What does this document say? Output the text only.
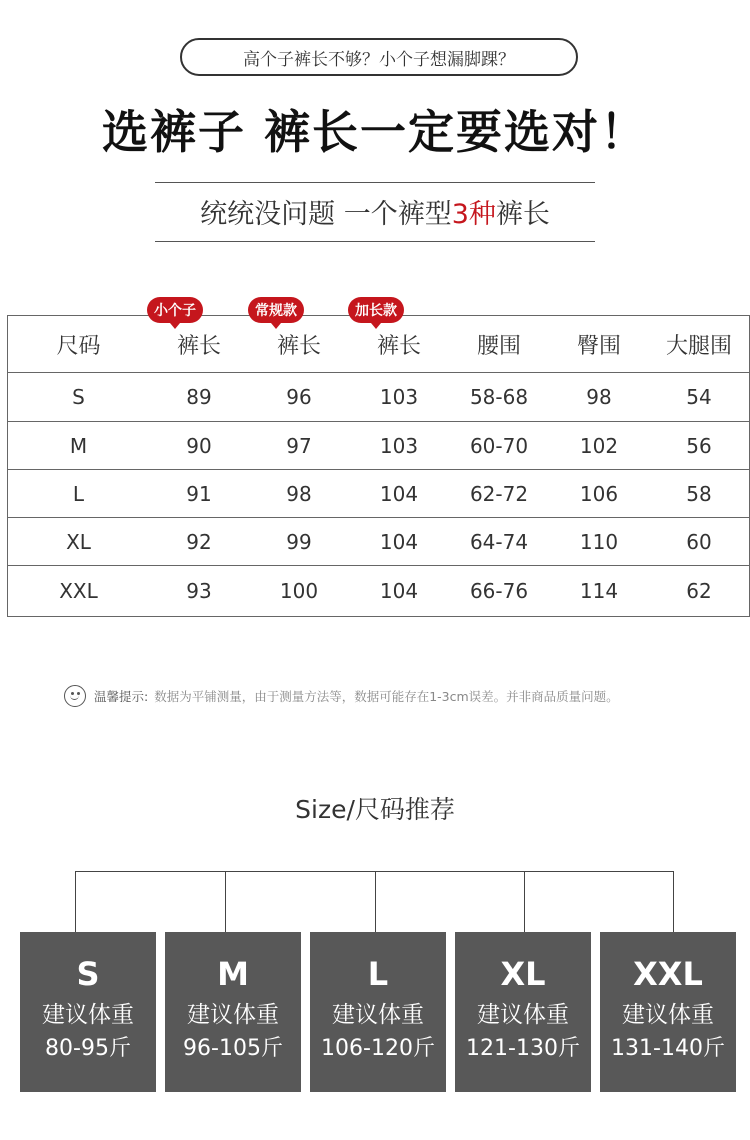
高个子裤长不够？小个子想漏脚踝？
选裤子 裤长一定要选对！
统统没问题 一个裤型3种裤长
尺码	裤长	裤长	裤长	腰围	臀围	大腿围
S	89	96	103	58-68	98	54
M	90	97	103	60-70	102	56
L	91	98	104	62-72	106	58
XL	92	99	104	64-74	110	60
XXL	93	100	104	66-76	114	62
小个子	常规款	加长款
温馨提示: 数据为平铺测量，由于测量方法等，数据可能存在1-3cm误差。并非商品质量问题。
Size/尺码推荐
S
建议体重
80-95斤
M
建议体重
96-105斤
L
建议体重
106-120斤
XL
建议体重
121-130斤
XXL
建议体重
131-140斤
